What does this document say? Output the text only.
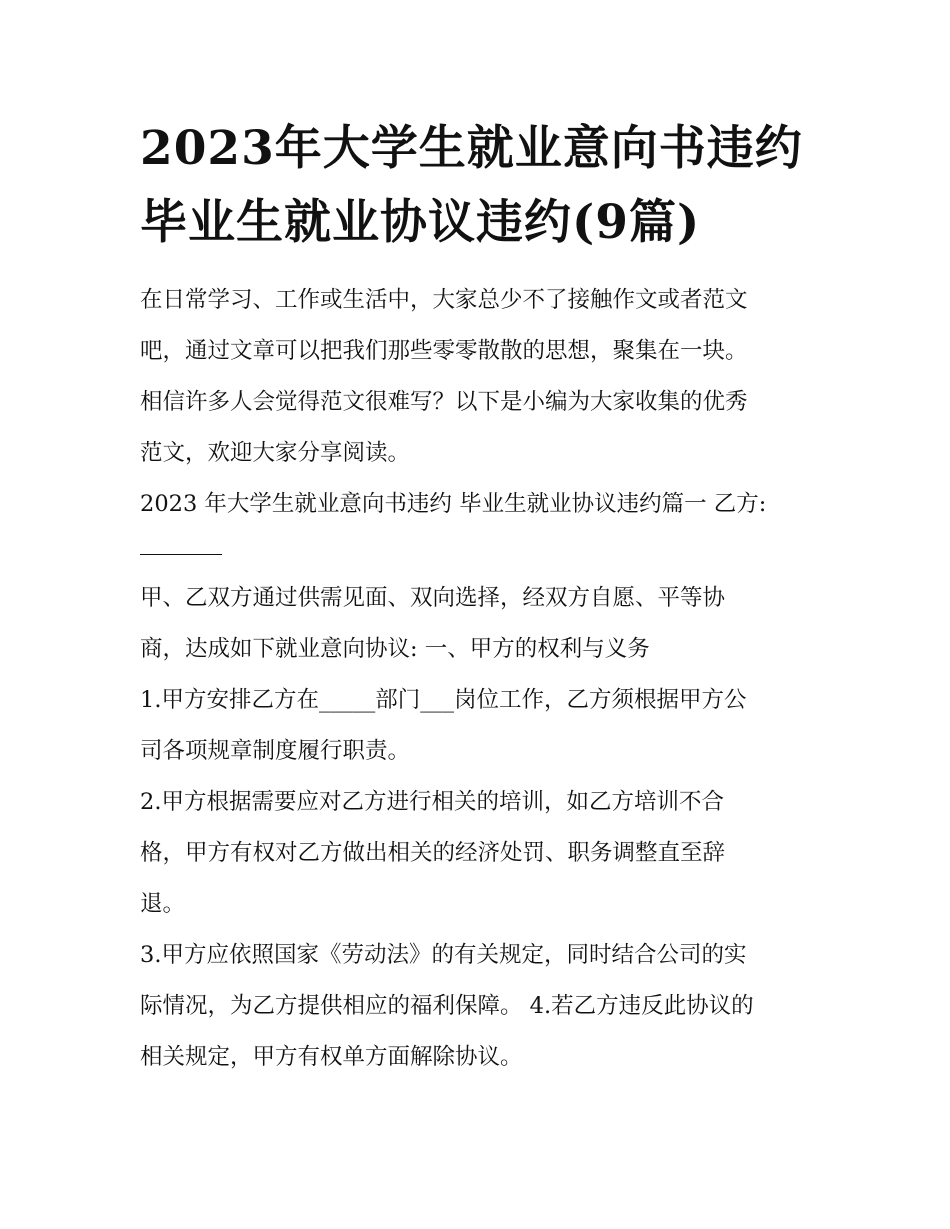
2023年大学生就业意向书违约
毕业生就业协议违约(9篇)
在日常学习、工作或生活中，大家总少不了接触作文或者范文
吧，通过文章可以把我们那些零零散散的思想，聚集在一块。
相信许多人会觉得范文很难写？以下是小编为大家收集的优秀
范文，欢迎大家分享阅读。
2023 年大学生就业意向书违约 毕业生就业协议违约篇一 乙方:
甲、乙双方通过供需见面、双向选择，经双方自愿、平等协
商，达成如下就业意向协议: 一、甲方的权利与义务
1.甲方安排乙方在_____部门___岗位工作，乙方须根据甲方公
司各项规章制度履行职责。
2.甲方根据需要应对乙方进行相关的培训，如乙方培训不合
格，甲方有权对乙方做出相关的经济处罚、职务调整直至辞
退。
3.甲方应依照国家《劳动法》的有关规定，同时结合公司的实
际情况，为乙方提供相应的福利保障。 4.若乙方违反此协议的
相关规定，甲方有权单方面解除协议。
